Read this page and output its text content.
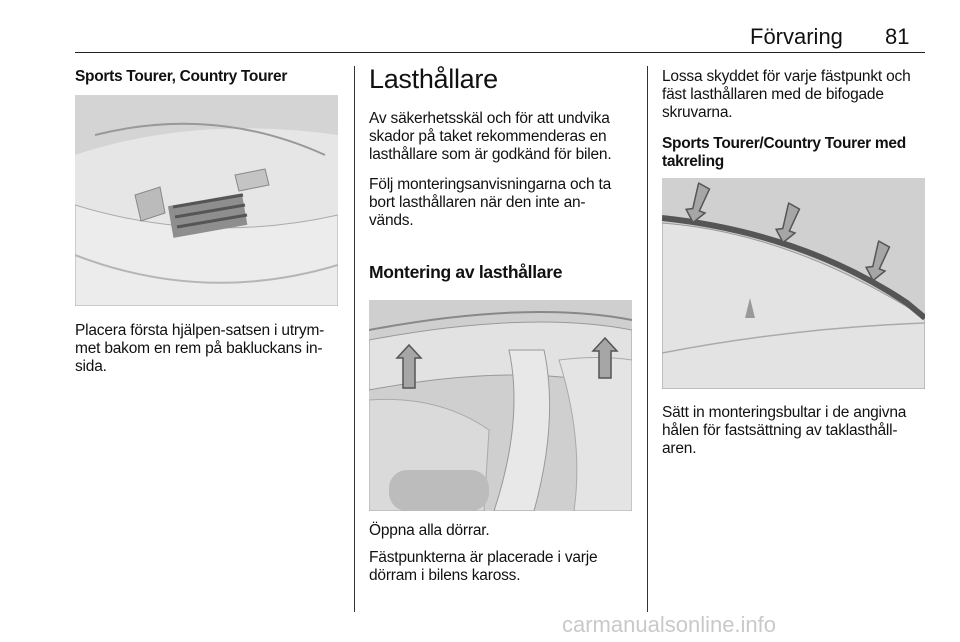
Förvaring 81
Sports Tourer, Country Tourer
Placera första hjälpen-satsen i utrym-
met bakom en rem på bakluckans in-
sida.
Lasthållare
Av säkerhetsskäl och för att undvika
skador på taket rekommenderas en
lasthållare som är godkänd för bilen.
Följ monteringsanvisningarna och ta
bort lasthållaren när den inte an-
vänds.
Montering av lasthållare
Öppna alla dörrar.
Fästpunkterna är placerade i varje
dörram i bilens kaross.
Lossa skyddet för varje fästpunkt och
fäst lasthållaren med de bifogade
skruvarna.
Sports Tourer/Country Tourer med
takreling
Sätt in monteringsbultar i de angivna
hålen för fastsättning av taklasthåll-
aren.
carmanualsonline.info
